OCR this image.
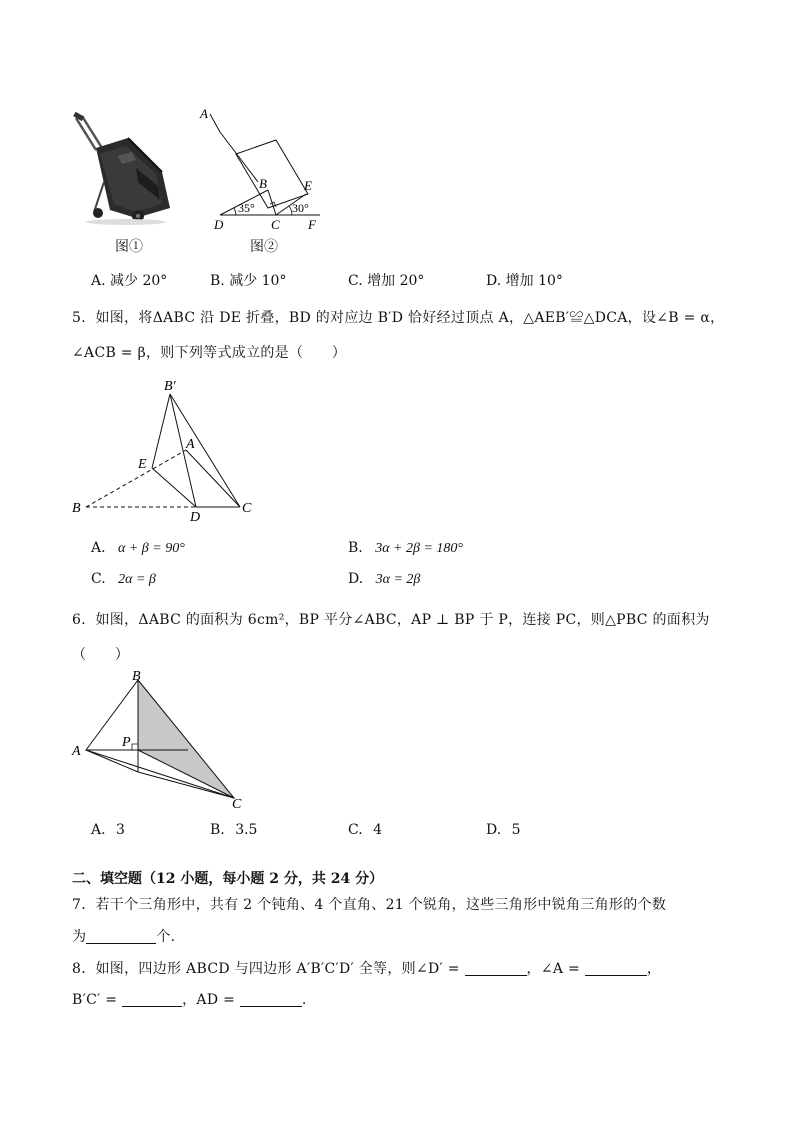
图①
A
B	E
35°	30°
D	C F
图②
A. 减少 20°	B. 减少 10°	C. 增加 20°	D. 增加 10°
5．如图，将ΔABC 沿 DE 折叠，BD 的对应边 B′D 恰好经过顶点 A，△AEB′≌△DCA，设∠B = α，
∠ACB = β，则下列等式成立的是（　　）
B′
A
E
B
D
C
A. α + β = 90°	B. 3α + 2β = 180°
C. 2α = β	D. 3α = 2β
6．如图，ΔABC 的面积为 6cm²，BP 平分∠ABC，AP ⊥ BP 于 P，连接 PC，则△PBC 的面积为
（　　）
B
A
P
C
A. 3	B. 3.5	C. 4	D. 5
二、填空题（12 小题，每小题 2 分，共 24 分）
7．若干个三角形中，共有 2 个钝角、4 个直角、21 个锐角，这些三角形中锐角三角形的个数
为	个.
8．如图，四边形 ABCD 与四边形 A′B′C′D′ 全等，则∠D′ =	，∠A =	，
B′C′ =	，AD =	.
